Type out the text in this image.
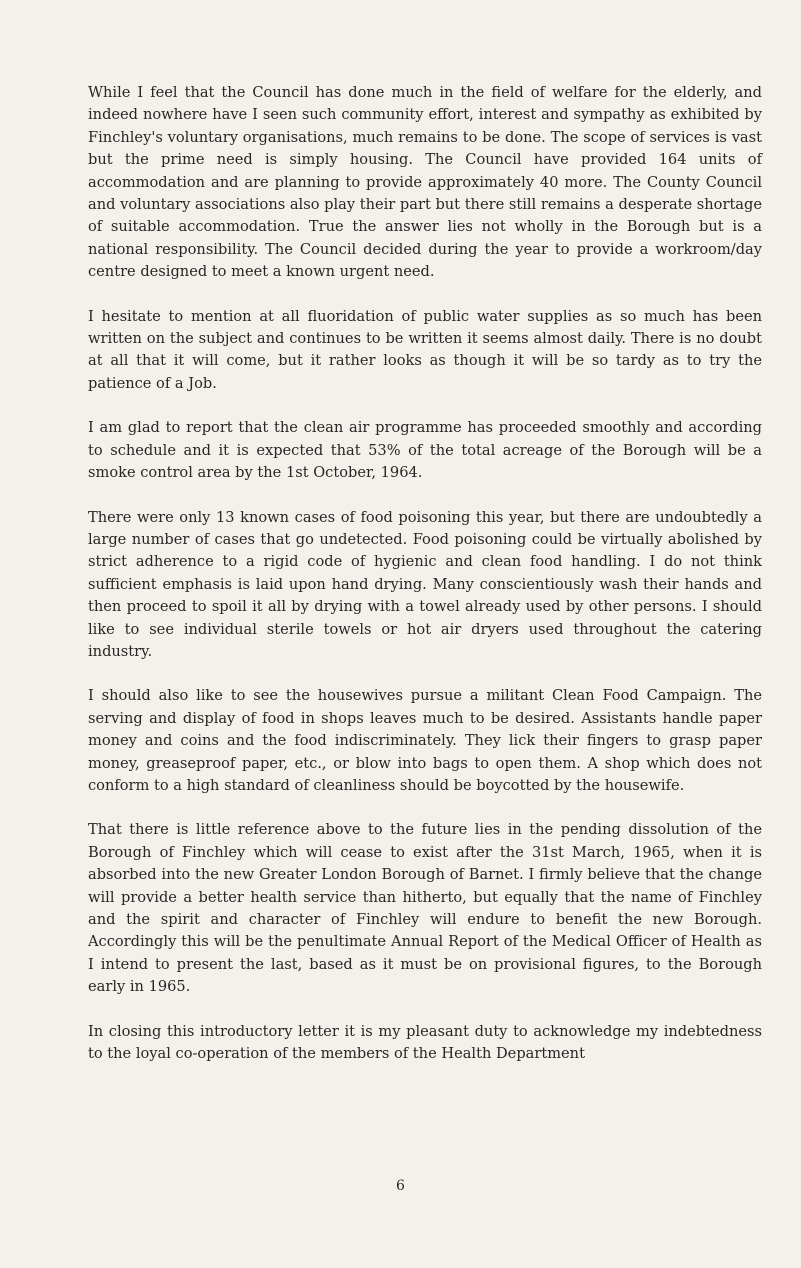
While I feel that the Council has done much in the field of welfare for the elderly, and indeed nowhere have I seen such community effort, interest and sympathy as exhibited by Finchley's voluntary organisations, much remains to be done. The scope of services is vast but the prime need is simply housing. The Council have provided 164 units of accommodation and are planning to provide approximately 40 more. The County Council and voluntary associations also play their part but there still remains a desperate shortage of suitable accommodation. True the answer lies not wholly in the Borough but is a national responsibility. The Council decided during the year to provide a workroom/day centre designed to meet a known urgent need.

I hesitate to mention at all fluoridation of public water supplies as so much has been written on the subject and continues to be written it seems almost daily. There is no doubt at all that it will come, but it rather looks as though it will be so tardy as to try the patience of a Job.

I am glad to report that the clean air programme has proceeded smoothly and according to schedule and it is expected that 53% of the total acreage of the Borough will be a smoke control area by the 1st October, 1964.

There were only 13 known cases of food poisoning this year, but there are undoubtedly a large number of cases that go undetected. Food poisoning could be virtually abolished by strict adherence to a rigid code of hygienic and clean food handling. I do not think sufficient emphasis is laid upon hand drying. Many conscientiously wash their hands and then proceed to spoil it all by drying with a towel already used by other persons. I should like to see individual sterile towels or hot air dryers used throughout the catering industry.

I should also like to see the housewives pursue a militant Clean Food Campaign. The serving and display of food in shops leaves much to be desired. Assistants handle paper money and coins and the food indiscriminately. They lick their fingers to grasp paper money, greaseproof paper, etc., or blow into bags to open them. A shop which does not conform to a high standard of cleanliness should be boycotted by the housewife.

That there is little reference above to the future lies in the pending dissolution of the Borough of Finchley which will cease to exist after the 31st March, 1965, when it is absorbed into the new Greater London Borough of Barnet. I firmly believe that the change will provide a better health service than hitherto, but equally that the name of Finchley and the spirit and character of Finchley will endure to benefit the new Borough. Accordingly this will be the penultimate Annual Report of the Medical Officer of Health as I intend to present the last, based as it must be on provisional figures, to the Borough early in 1965.

In closing this introductory letter it is my pleasant duty to acknowledge my indebtedness to the loyal co-operation of the members of the Health Department

6
